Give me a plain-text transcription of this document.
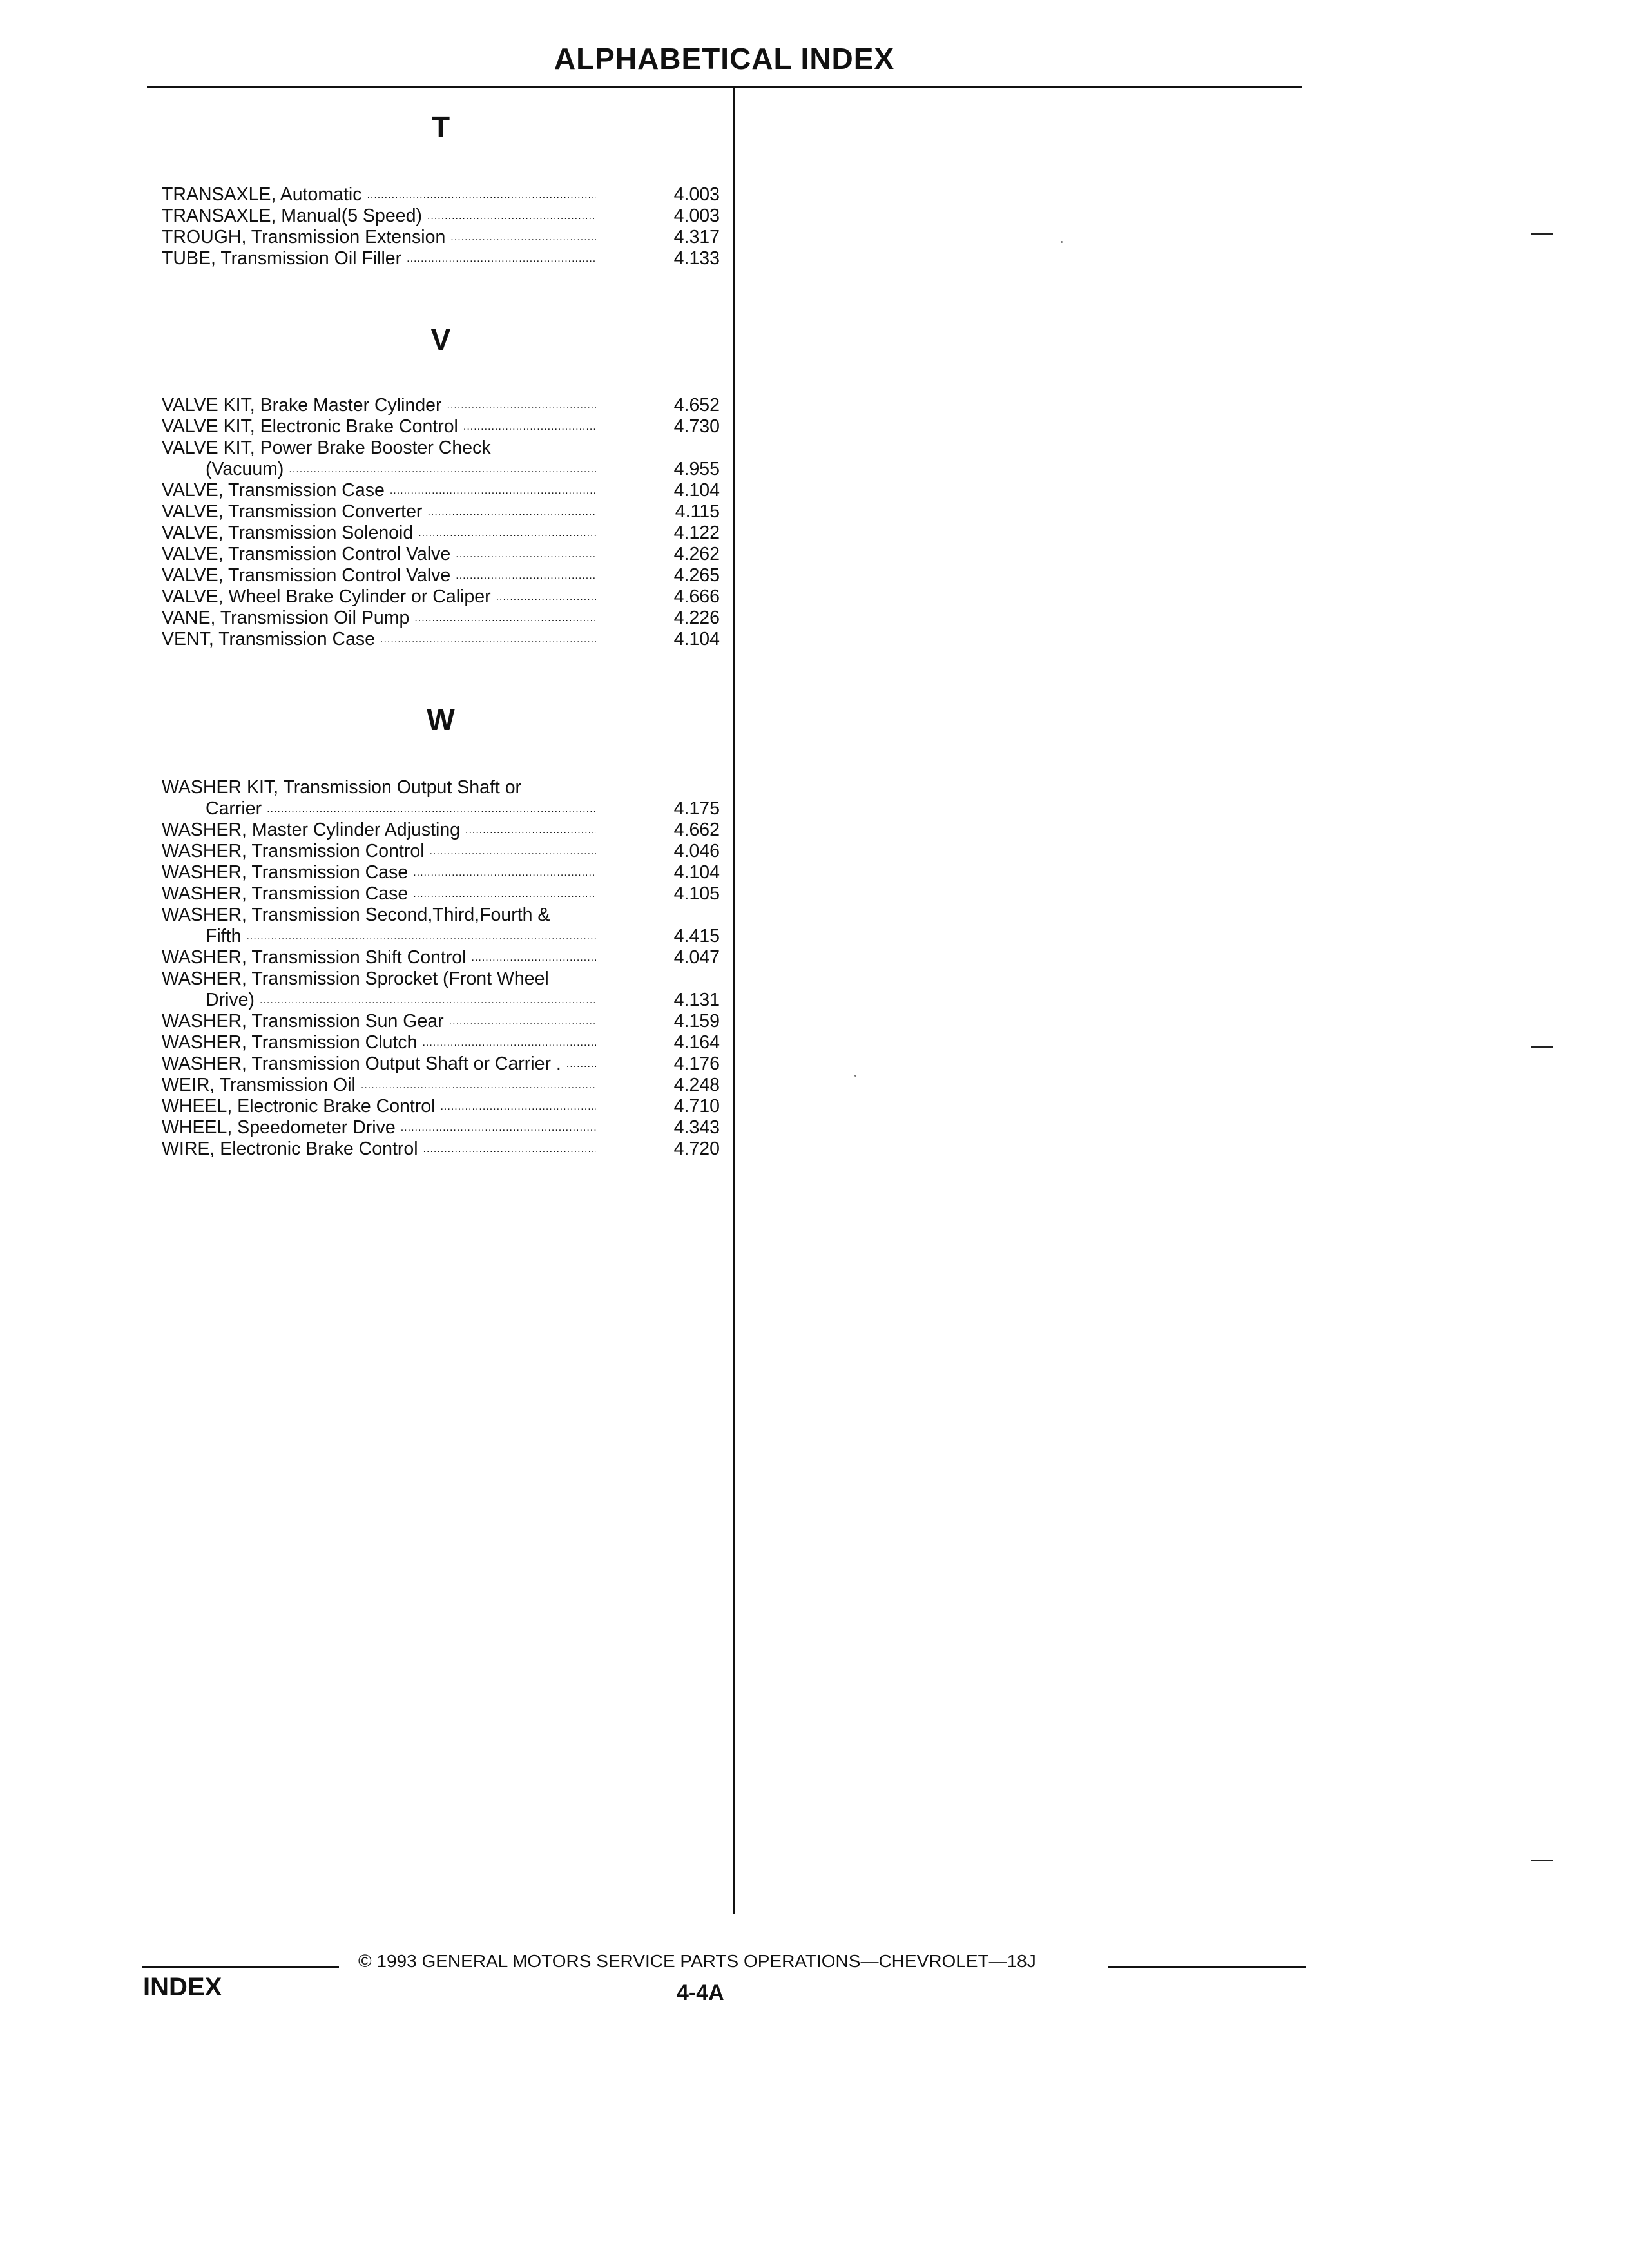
ALPHABETICAL INDEX
T
TRANSAXLE, Automatic .....	4.003
TRANSAXLE, Manual(5 Speed) .....	4.003
TROUGH, Transmission Extension .....	4.317
TUBE, Transmission Oil Filler .....	4.133
V
VALVE KIT, Brake Master Cylinder .....	4.652
VALVE KIT, Electronic Brake Control .....	4.730
VALVE KIT, Power Brake Booster Check
(Vacuum) .....	4.955
VALVE, Transmission Case .....	4.104
VALVE, Transmission Converter .....	4.115
VALVE, Transmission Solenoid .....	4.122
VALVE, Transmission Control Valve .....	4.262
VALVE, Transmission Control Valve .....	4.265
VALVE, Wheel Brake Cylinder or Caliper .....	4.666
VANE, Transmission Oil Pump .....	4.226
VENT, Transmission Case .....	4.104
W
WASHER KIT, Transmission Output Shaft or
Carrier .....	4.175
WASHER, Master Cylinder Adjusting .....	4.662
WASHER, Transmission Control .....	4.046
WASHER, Transmission Case .....	4.104
WASHER, Transmission Case .....	4.105
WASHER, Transmission Second,Third,Fourth &
Fifth .....	4.415
WASHER, Transmission Shift Control .....	4.047
WASHER, Transmission Sprocket (Front Wheel
Drive) .....	4.131
WASHER, Transmission Sun Gear .....	4.159
WASHER, Transmission Clutch .....	4.164
WASHER, Transmission Output Shaft or Carrier . .....	4.176
WEIR, Transmission Oil .....	4.248
WHEEL, Electronic Brake Control .....	4.710
WHEEL, Speedometer Drive .....	4.343
WIRE, Electronic Brake Control .....	4.720
© 1993 GENERAL MOTORS SERVICE PARTS OPERATIONS—CHEVROLET—18J
INDEX	4-4A
